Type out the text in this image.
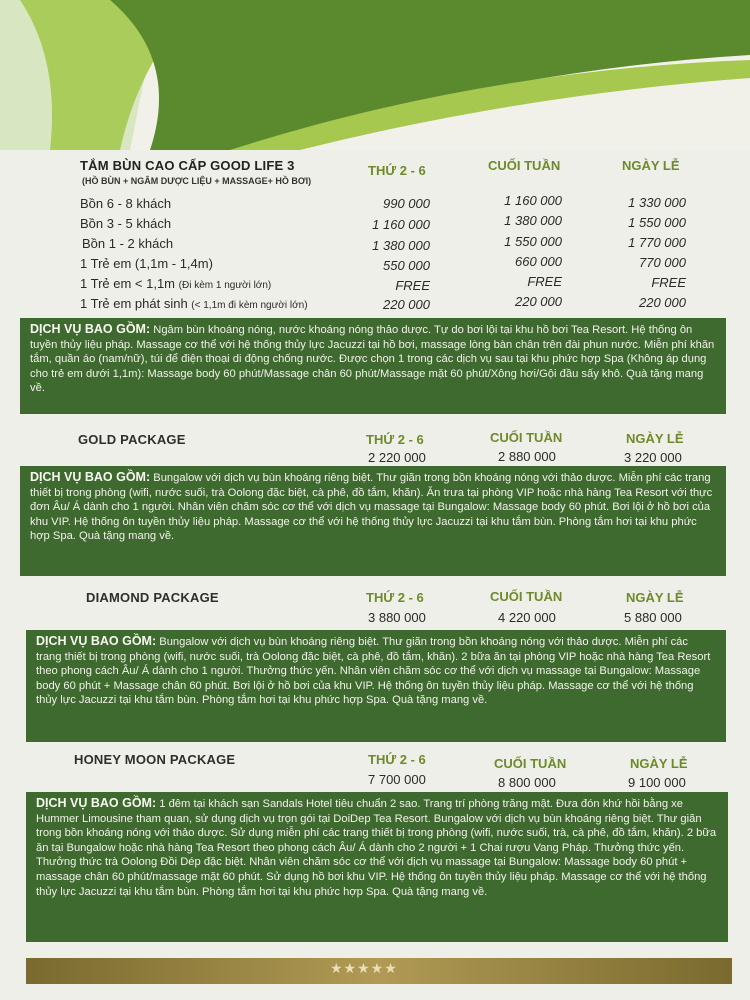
TẮM BÙN CAO CẤP GOOD LIFE 3
(HỒ BÙN + NGÂM DƯỢC LIỆU + MASSAGE+ HỒ BƠI)
THỨ 2 - 6	CUỐI TUẦN	NGÀY LỄ
Bồn 6 - 8 khách	990 000	1 160 000	1 330 000
Bồn 3 - 5 khách	1 160 000	1 380 000	1 550 000
Bồn 1 - 2 khách	1 380 000	1 550 000	1 770 000
1 Trẻ em (1,1m - 1,4m)	550 000	660 000	770 000
1 Trẻ em < 1,1m (Đi kèm 1 người lớn)	FREE	FREE	FREE
1 Trẻ em phát sinh (< 1,1m đi kèm người lớn)	220 000	220 000	220 000
DỊCH VỤ BAO GỒM: Ngâm bùn khoáng nóng, nước khoáng nóng thảo dược. Tự do bơi lội tại khu hồ bơi Tea Resort. Hệ thống ôn tuyền thủy liệu pháp. Massage cơ thể với hệ thống thủy lực Jacuzzi tại hồ bơi, massage lòng bàn chân trên đài phun nước. Miễn phí khăn tắm, quần áo (nam/nữ), túi để điện thoại di động chống nước. Được chọn 1 trong các dịch vụ sau tại khu phức hợp Spa (Không áp dụng cho trẻ em dưới 1,1m): Massage body 60 phút/Massage chân 60 phút/Massage mặt 60 phút/Xông hơi/Gội đầu sấy khô. Quà tặng mang về.
GOLD PACKAGE	THỨ 2 - 6	CUỐI TUẦN	NGÀY LỄ
2 220 000	2 880 000	3 220 000
DỊCH VỤ BAO GỒM: Bungalow với dịch vụ bùn khoáng riêng biệt. Thư giãn trong bồn khoáng nóng với thảo dược. Miễn phí các trang thiết bị trong phòng (wifi, nước suối, trà Oolong đặc biệt, cà phê, đồ tắm, khăn). Ăn trưa tại phòng VIP hoặc nhà hàng Tea Resort với thực đơn Âu/ Á dành cho 1 người. Nhân viên chăm sóc cơ thể với dịch vụ massage tại Bungalow: Massage body 60 phút. Bơi lội ở hồ bơi của khu VIP. Hệ thống ôn tuyền thủy liệu pháp. Massage cơ thể với hệ thống thủy lực Jacuzzi tại khu tắm bùn. Phòng tắm hơi tại khu phức hợp Spa. Quà tặng mang về.
DIAMOND PACKAGE	THỨ 2 - 6	CUỐI TUẦN	NGÀY LỄ
3 880 000	4 220 000	5 880 000
DỊCH VỤ BAO GỒM: Bungalow với dịch vụ bùn khoáng riêng biệt. Thư giãn trong bồn khoáng nóng với thảo dược. Miễn phí các trang thiết bị trong phòng (wifi, nước suối, trà Oolong đặc biệt, cà phê, đồ tắm, khăn). 2 bữa ăn tại phòng VIP hoặc nhà hàng Tea Resort theo phong cách Âu/ Á dành cho 1 người. Thưởng thức yến. Nhân viên chăm sóc cơ thể với dịch vụ massage tại Bungalow: Massage body 60 phút + Massage chân 60 phút. Bơi lội ở hồ bơi của khu VIP. Hệ thống ôn tuyền thủy liệu pháp. Massage cơ thể với hệ thống thủy lực Jacuzzi tại khu tắm bùn. Phòng tắm hơi tại khu phức hợp Spa. Quà tặng mang về.
HONEY MOON PACKAGE	THỨ 2 - 6	CUỐI TUẦN	NGÀY LỄ
7 700 000	8 800 000	9 100 000
DỊCH VỤ BAO GỒM: 1 đêm tại khách sạn Sandals Hotel tiêu chuẩn 2 sao. Trang trí phòng trăng mật. Đưa đón khứ hồi bằng xe Hummer Limousine tham quan, sử dụng dịch vụ trọn gói tại DoiDep Tea Resort. Bungalow với dịch vụ bùn khoáng riêng biệt. Thư giãn trong bồn khoáng nóng với thảo dược. Sử dụng miễn phí các trang thiết bị trong phòng (wifi, nước suối, trà, cà phê, đồ tắm, khăn). 2 bữa ăn tại Bungalow hoặc nhà hàng Tea Resort theo phong cách Âu/ Á dành cho 2 người + 1 Chai rượu Vang Pháp. Thưởng thức yến. Thưởng thức trà Oolong Đồi Dép đặc biệt. Nhân viên chăm sóc cơ thể với dịch vụ massage tại Bungalow: Massage body 60 phút + massage chân 60 phút/massage mặt 60 phút. Sử dụng hồ bơi khu VIP. Hệ thống ôn tuyền thủy liệu pháp. Massage cơ thể với hệ thống thủy lực Jacuzzi tại khu tắm bùn. Phòng tắm hơi tại khu phức hợp Spa. Quà tặng mang về.
★★★★★
